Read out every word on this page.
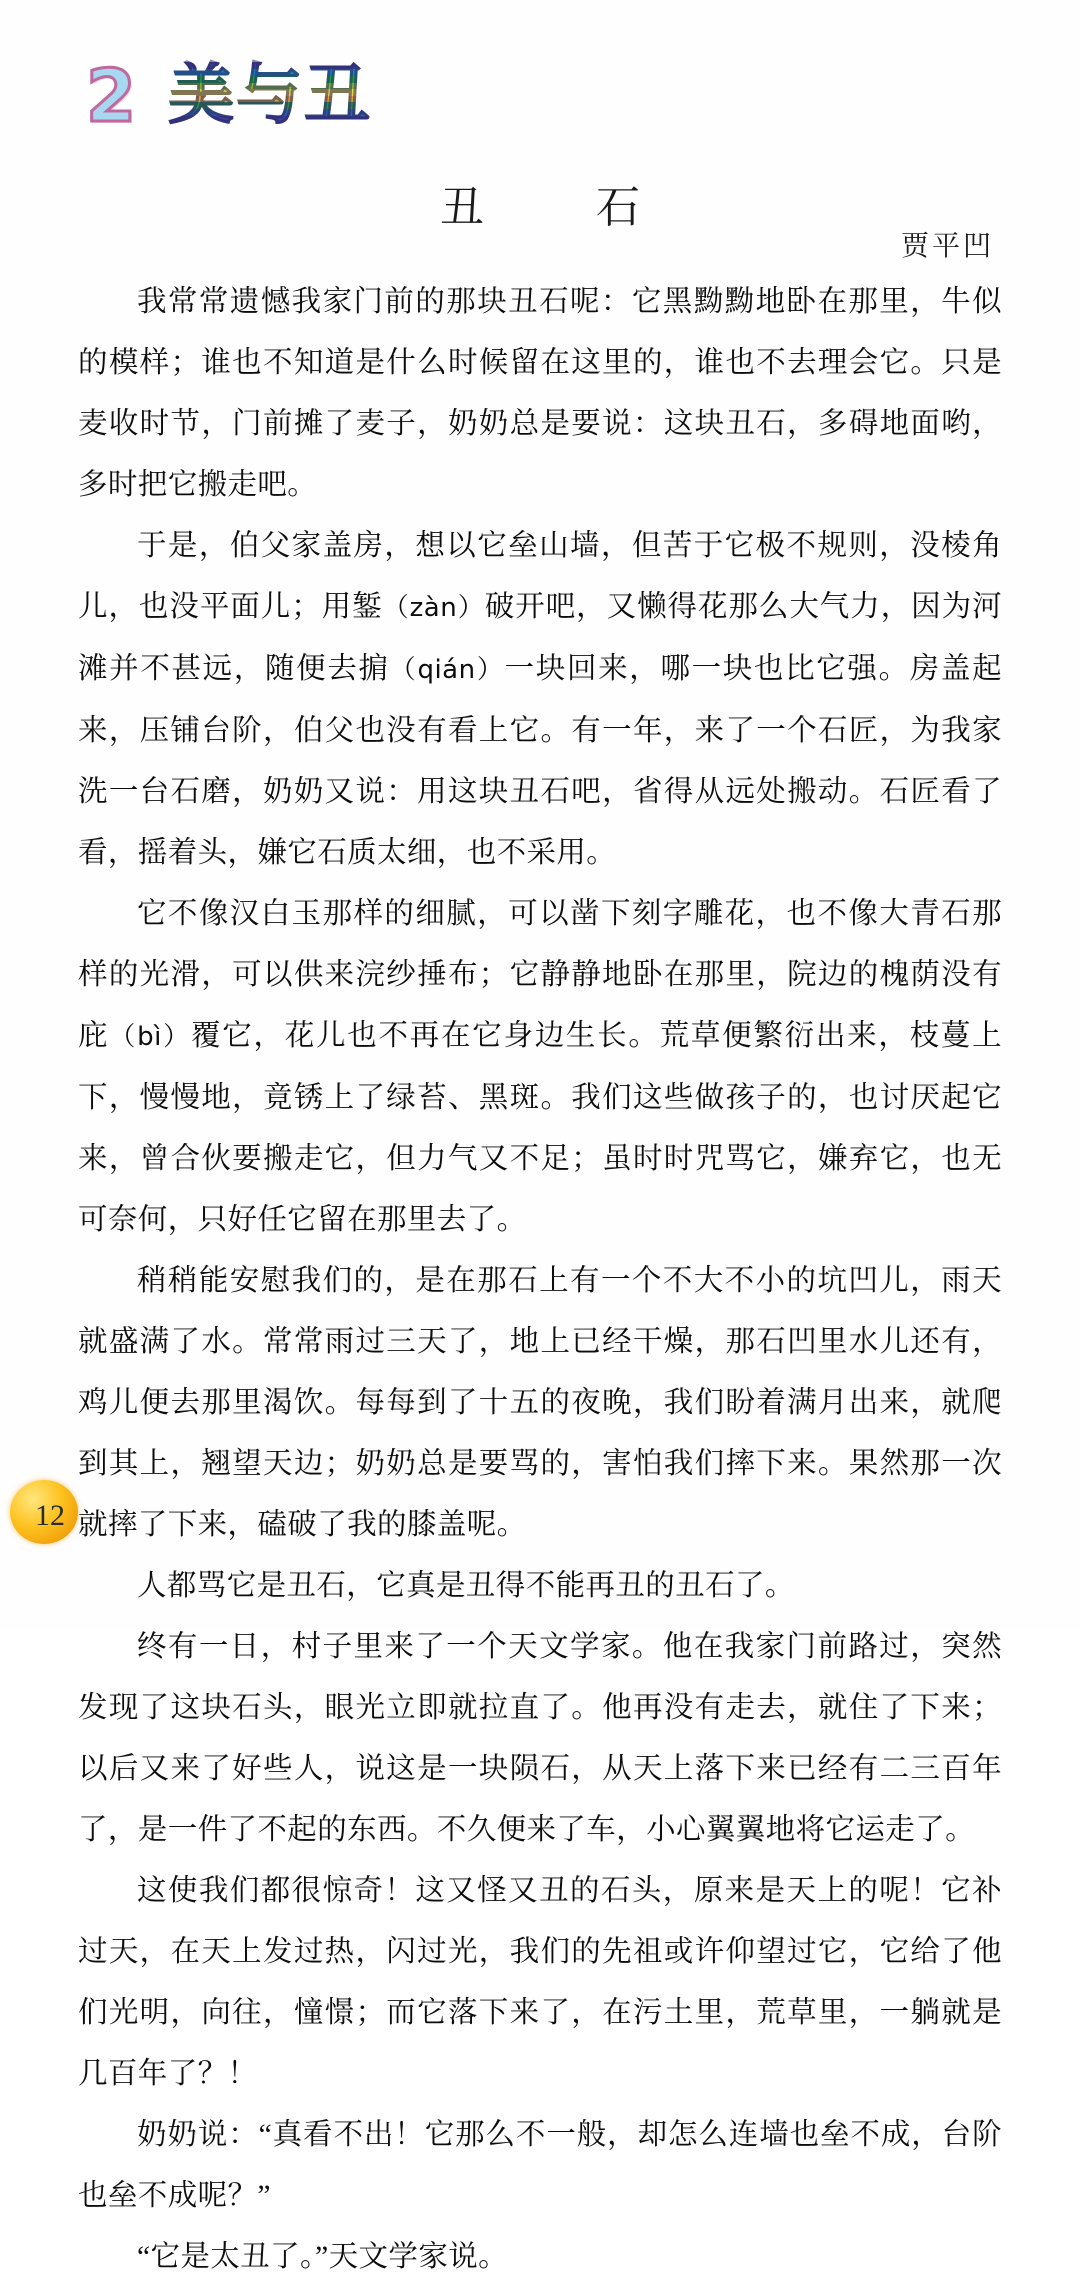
2 美与丑
丑　石
贾平凹

我常常遗憾我家门前的那块丑石呢：它黑黝黝地卧在那里，牛似的模样；谁也不知道是什么时候留在这里的，谁也不去理会它。只是麦收时节，门前摊了麦子，奶奶总是要说：这块丑石，多碍地面哟，多时把它搬走吧。

于是，伯父家盖房，想以它垒山墙，但苦于它极不规则，没棱角儿，也没平面儿；用錾（zàn）破开吧，又懒得花那么大气力，因为河滩并不甚远，随便去掮（qián）一块回来，哪一块也比它强。房盖起来，压铺台阶，伯父也没有看上它。有一年，来了一个石匠，为我家洗一台石磨，奶奶又说：用这块丑石吧，省得从远处搬动。石匠看了看，摇着头，嫌它石质太细，也不采用。

它不像汉白玉那样的细腻，可以凿下刻字雕花，也不像大青石那样的光滑，可以供来浣纱捶布；它静静地卧在那里，院边的槐荫没有庇（bì）覆它，花儿也不再在它身边生长。荒草便繁衍出来，枝蔓上下，慢慢地，竟锈上了绿苔、黑斑。我们这些做孩子的，也讨厌起它来，曾合伙要搬走它，但力气又不足；虽时时咒骂它，嫌弃它，也无可奈何，只好任它留在那里去了。

稍稍能安慰我们的，是在那石上有一个不大不小的坑凹儿，雨天就盛满了水。常常雨过三天了，地上已经干燥，那石凹里水儿还有，鸡儿便去那里渴饮。每每到了十五的夜晚，我们盼着满月出来，就爬到其上，翘望天边；奶奶总是要骂的，害怕我们摔下来。果然那一次就摔了下来，磕破了我的膝盖呢。

人都骂它是丑石，它真是丑得不能再丑的丑石了。

终有一日，村子里来了一个天文学家。他在我家门前路过，突然发现了这块石头，眼光立即就拉直了。他再没有走去，就住了下来；以后又来了好些人，说这是一块陨石，从天上落下来已经有二三百年了，是一件了不起的东西。不久便来了车，小心翼翼地将它运走了。

这使我们都很惊奇！这又怪又丑的石头，原来是天上的呢！它补过天，在天上发过热，闪过光，我们的先祖或许仰望过它，它给了他们光明，向往，憧憬；而它落下来了，在污土里，荒草里，一躺就是几百年了？！

奶奶说：“真看不出！它那么不一般，却怎么连墙也垒不成，台阶也垒不成呢？”

“它是太丑了。”天文学家说。

12
